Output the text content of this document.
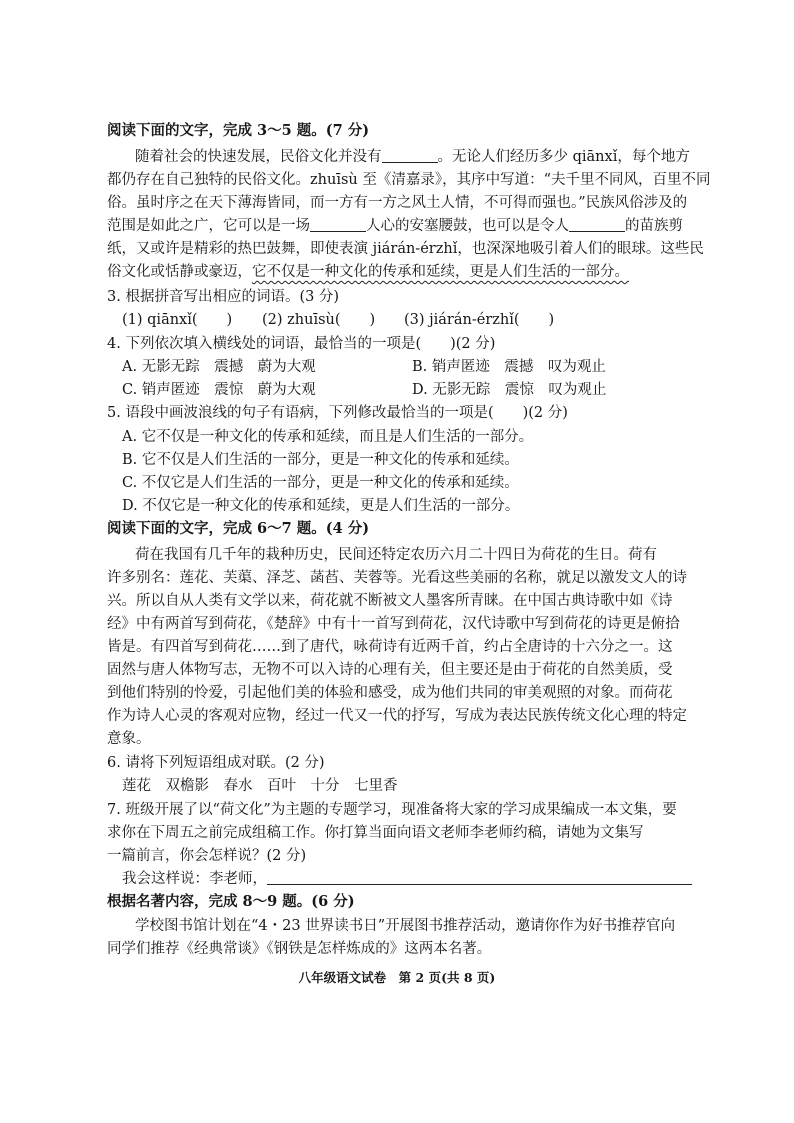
阅读下面的文字，完成 3～5 题。(7 分)
随着社会的快速发展，民俗文化并没有	。无论人们经历多少 qiānxǐ，每个地方
都仍存在自己独特的民俗文化。zhuīsù 至《清嘉录》，其序中写道：“夫千里不同风，百里不同
俗。虽时序之在天下薄海皆同，而一方有一方之风土人情，不可得而强也。”民族风俗涉及的
范围是如此之广，它可以是一场	人心的安塞腰鼓，也可以是令人	的苗族剪
纸，又或许是精彩的热巴鼓舞，即使表演 jiárán-érzhǐ，也深深地吸引着人们的眼球。这些民
俗文化或恬静或豪迈，它不仅是一种文化的传承和延续，更是人们生活的一部分。
3. 根据拼音写出相应的词语。(3 分)
(1) qiānxǐ(　　) (2) zhuīsù(　　) (3) jiárán-érzhǐ(　　)
4. 下列依次填入横线处的词语，最恰当的一项是(　　)(2 分)
A. 无影无踪　震撼　蔚为大观	B. 销声匿迹　震撼　叹为观止
C. 销声匿迹　震惊　蔚为大观	D. 无影无踪　震惊　叹为观止
5. 语段中画波浪线的句子有语病，下列修改最恰当的一项是(　　)(2 分)
A. 它不仅是一种文化的传承和延续，而且是人们生活的一部分。
B. 它不仅是人们生活的一部分，更是一种文化的传承和延续。
C. 不仅它是人们生活的一部分，更是一种文化的传承和延续。
D. 不仅它是一种文化的传承和延续，更是人们生活的一部分。
阅读下面的文字，完成 6～7 题。(4 分)
荷在我国有几千年的栽种历史，民间还特定农历六月二十四日为荷花的生日。荷有
许多别名：莲花、芙蕖、泽芝、菡萏、芙蓉等。光看这些美丽的名称，就足以激发文人的诗
兴。所以自从人类有文学以来，荷花就不断被文人墨客所青睐。在中国古典诗歌中如《诗
经》中有两首写到荷花，《楚辞》中有十一首写到荷花，汉代诗歌中写到荷花的诗更是俯拾
皆是。有四首写到荷花……到了唐代，咏荷诗有近两千首，约占全唐诗的十六分之一。这
固然与唐人体物写志，无物不可以入诗的心理有关，但主要还是由于荷花的自然美质，受
到他们特别的怜爱，引起他们美的体验和感受，成为他们共同的审美观照的对象。而荷花
作为诗人心灵的客观对应物，经过一代又一代的抒写，写成为表达民族传统文化心理的特定
意象。
6. 请将下列短语组成对联。(2 分)
莲花　双檐影　春水　百叶　十分　七里香
7. 班级开展了以“荷文化”为主题的专题学习，现准备将大家的学习成果编成一本文集，要
求你在下周五之前完成组稿工作。你打算当面向语文老师李老师约稿，请她为文集写
一篇前言，你会怎样说？(2 分)
我会这样说：李老师，
根据名著内容，完成 8～9 题。(6 分)
学校图书馆计划在“4・23 世界读书日”开展图书推荐活动，邀请你作为好书推荐官向
同学们推荐《经典常谈》《钢铁是怎样炼成的》这两本名著。
八年级语文试卷　第 2 页(共 8 页)
